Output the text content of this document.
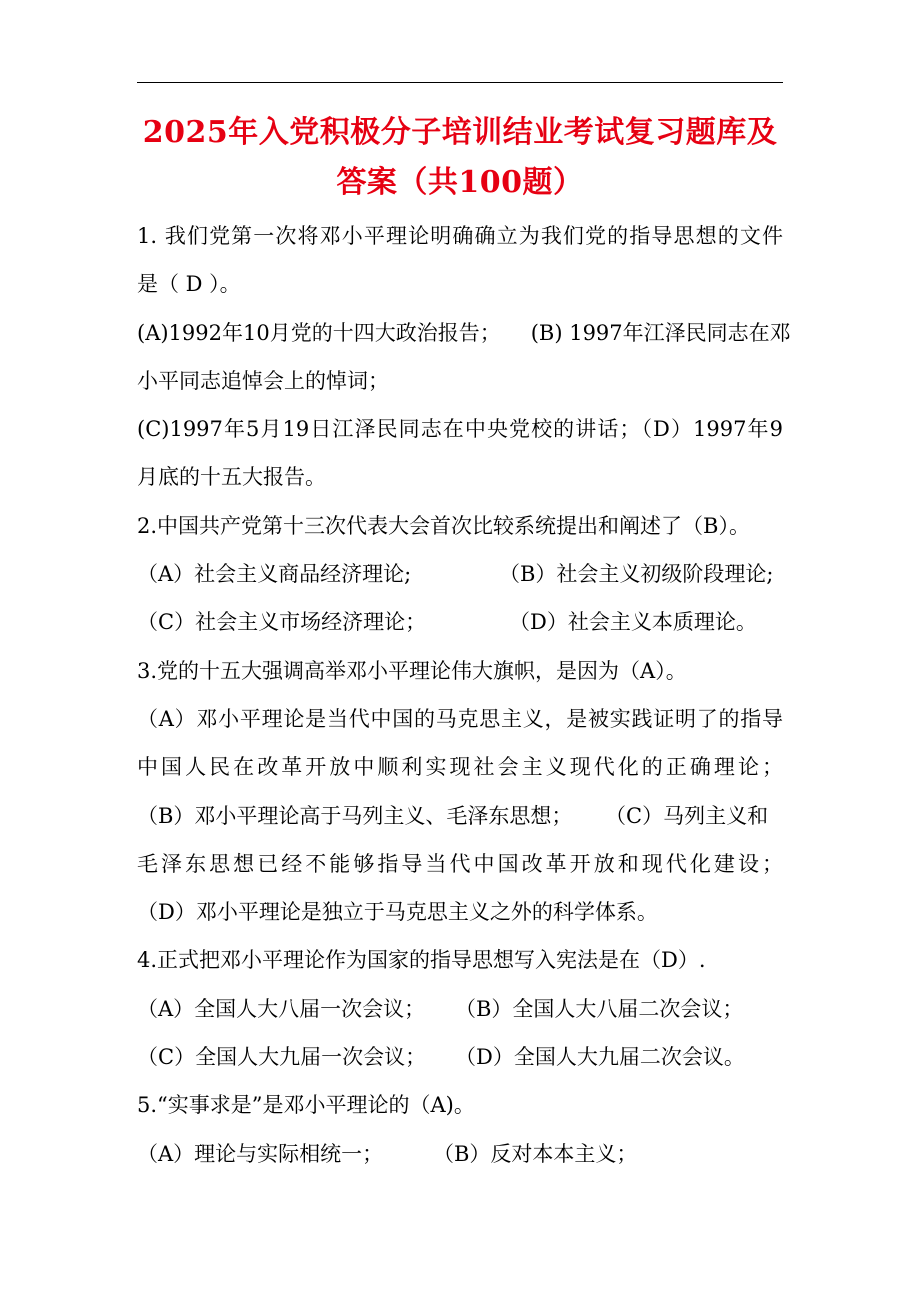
2025年入党积极分子培训结业考试复习题库及
答案（共100题）
1. 我们党第一次将邓小平理论明确确立为我们党的指导思想的文件
是（ D ）。
(A)1992年10月党的十四大政治报告； (B) 1997年江泽民同志在邓
小平同志追悼会上的悼词；
(C)1997年5月19日江泽民同志在中央党校的讲话；（D）1997年9
月底的十五大报告。
2.中国共产党第十三次代表大会首次比较系统提出和阐述了（B）。
（A）社会主义商品经济理论;	（B）社会主义初级阶段理论;
（C）社会主义市场经济理论；	（D）社会主义本质理论。
3.党的十五大强调高举邓小平理论伟大旗帜，是因为（A）。
（A）邓小平理论是当代中国的马克思主义，是被实践证明了的指导
中国人民在改革开放中顺利实现社会主义现代化的正确理论；
（B）邓小平理论高于马列主义、毛泽东思想； （C）马列主义和
毛泽东思想已经不能够指导当代中国改革开放和现代化建设；
（D）邓小平理论是独立于马克思主义之外的科学体系。
4.正式把邓小平理论作为国家的指导思想写入宪法是在（D）.
（A）全国人大八届一次会议； （B）全国人大八届二次会议；
（C）全国人大九届一次会议； （D）全国人大九届二次会议。
5.“实事求是”是邓小平理论的（A)。
（A）理论与实际相统一； （B）反对本本主义；
